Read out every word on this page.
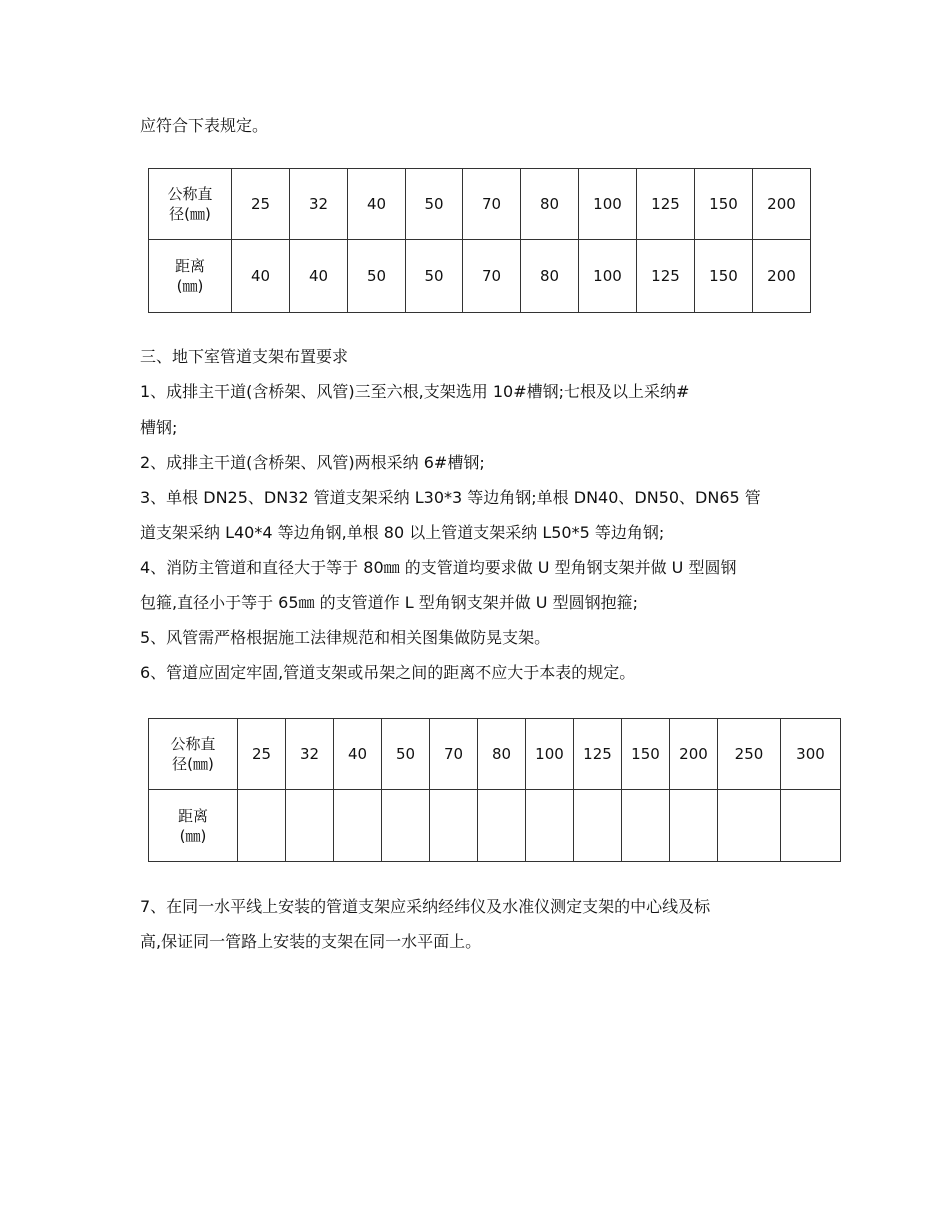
应符合下表规定。
公称直
径(㎜)	25	32	40	50	70	80	100	125	150	200

距离
(㎜)	40	40	50	50	70	80	100	125	150	200
三、地下室管道支架布置要求
1、成排主干道(含桥架、风管)三至六根,支架选用 10#槽钢;七根及以上采纳#
槽钢;
2、成排主干道(含桥架、风管)两根采纳 6#槽钢;
3、单根 DN25、DN32 管道支架采纳 L30*3 等边角钢;单根 DN40、DN50、DN65 管
道支架采纳 L40*4 等边角钢,单根 80 以上管道支架采纳 L50*5 等边角钢;
4、消防主管道和直径大于等于 80㎜ 的支管道均要求做 U 型角钢支架并做 U 型圆钢
包箍,直径小于等于 65㎜ 的支管道作 L 型角钢支架并做 U 型圆钢抱箍;
5、风管需严格根据施工法律规范和相关图集做防晃支架。
6、管道应固定牢固,管道支架或吊架之间的距离不应大于本表的规定。
公称直
径(㎜)	25	32	40	50	70	80	100	125	150	200	250	300

距离
(㎜)												

7、在同一水平线上安装的管道支架应采纳经纬仪及水准仪测定支架的中心线及标
高,保证同一管路上安装的支架在同一水平面上。
